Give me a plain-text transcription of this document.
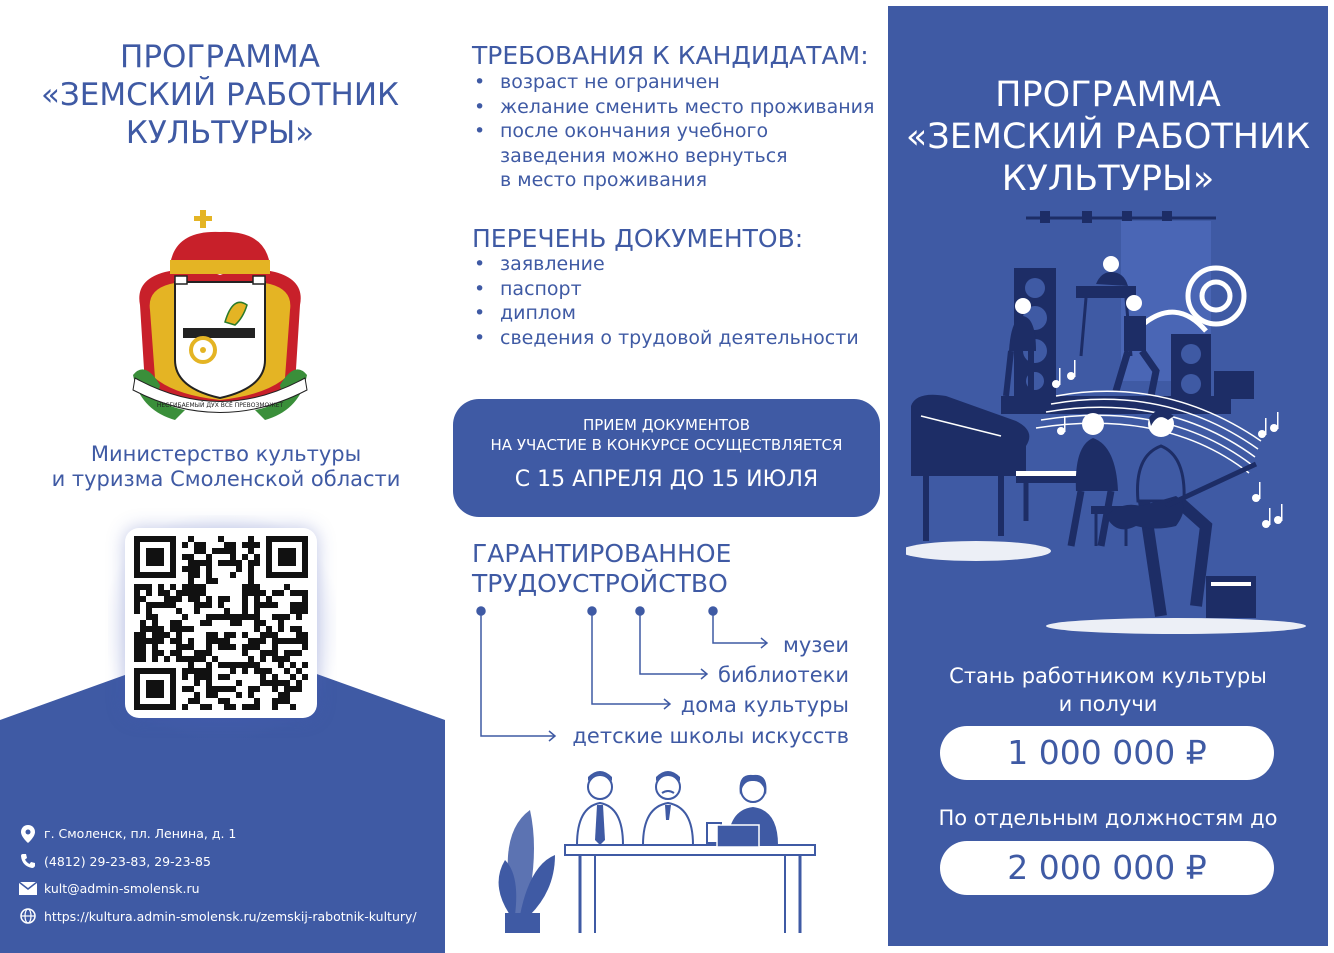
ПРОГРАММА
«ЗЕМСКИЙ РАБОТНИК
КУЛЬТУРЫ»
НЕСГИБАЕМЫЙ ДУХ ВСЁ ПРЕВОЗМОЖЕТ
Министерство культуры
и туризма Смоленской области
г. Смоленск, пл. Ленина, д. 1
(4812) 29-23-83, 29-23-85
kult@admin-smolensk.ru
https://kultura.admin-smolensk.ru/zemskij-rabotnik-kultury/
ТРЕБОВАНИЯ К КАНДИДАТАМ:
• возраст не ограничен
• желание сменить место проживания
• после окончания учебного
заведения можно вернуться
в место проживания
ПЕРЕЧЕНЬ ДОКУМЕНТОВ:
• заявление
• паспорт
• диплом
• сведения о трудовой деятельности
ПРИЕМ ДОКУМЕНТОВ
НА УЧАСТИЕ В КОНКУРСЕ ОСУЩЕСТВЛЯЕТСЯ
С 15 АПРЕЛЯ ДО 15 ИЮЛЯ
ГАРАНТИРОВАННОЕ
ТРУДОУСТРОЙСТВО
музеи
библиотеки
дома культуры
детские школы искусств
ПРОГРАММА
«ЗЕМСКИЙ РАБОТНИК
КУЛЬТУРЫ»
Стань работником культуры
и получи
1 000 000 ₽
По отдельным должностям до
2 000 000 ₽
